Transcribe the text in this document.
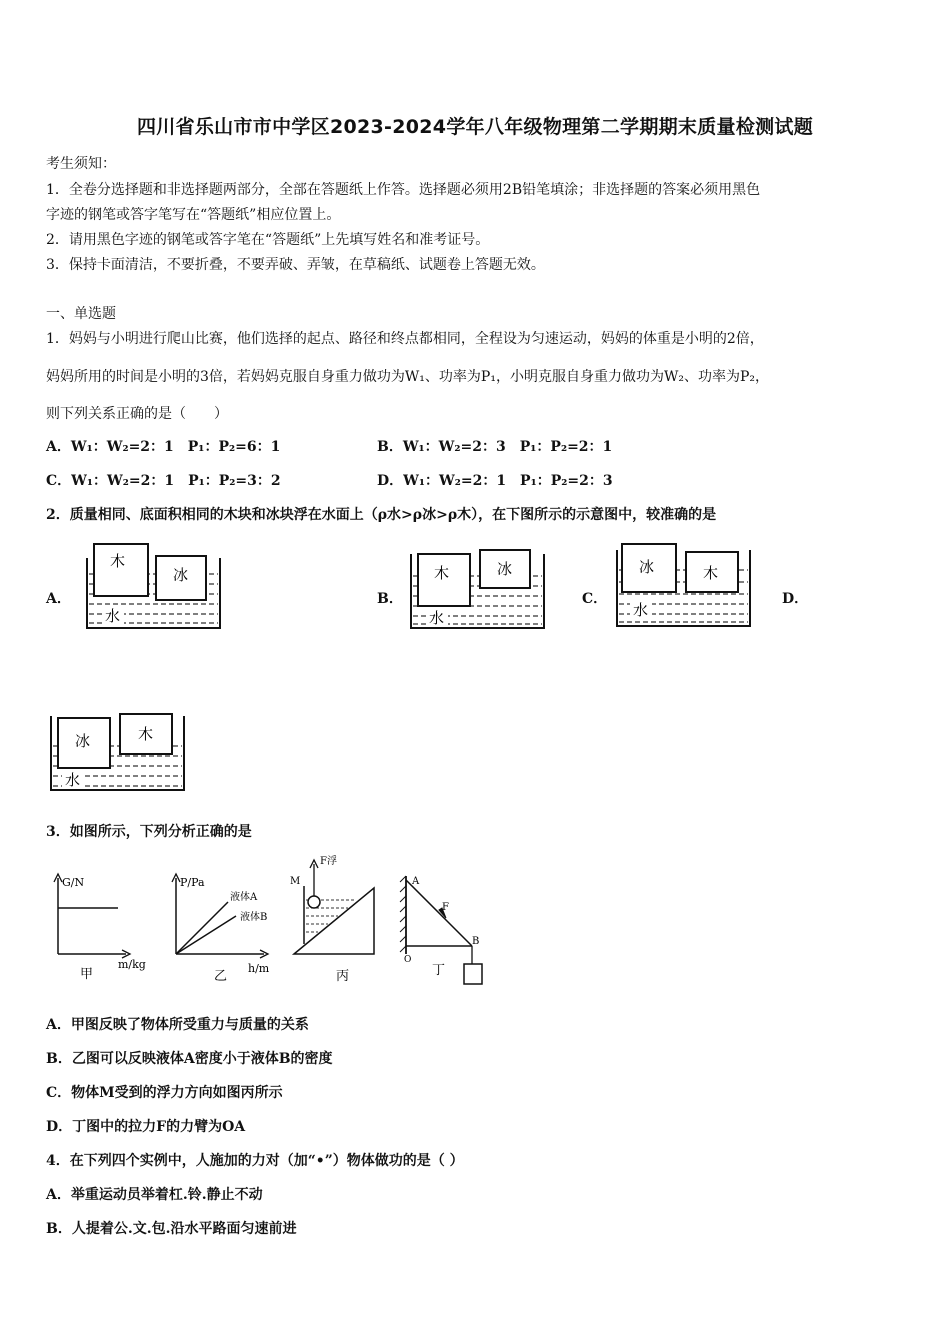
四川省乐山市市中学区2023-2024学年八年级物理第二学期期末质量检测试题
考生须知：
1．全卷分选择题和非选择题两部分，全部在答题纸上作答。选择题必须用2B铅笔填涂；非选择题的答案必须用黑色
字迹的钢笔或答字笔写在“答题纸”相应位置上。
2．请用黑色字迹的钢笔或答字笔在“答题纸”上先填写姓名和准考证号。
3．保持卡面清洁，不要折叠，不要弄破、弄皱，在草稿纸、试题卷上答题无效。
一、单选题
1．妈妈与小明进行爬山比赛，他们选择的起点、路径和终点都相同，全程设为匀速运动，妈妈的体重是小明的2倍，
妈妈所用的时间是小明的3倍，若妈妈克服自身重力做功为W₁、功率为P₁，小明克服自身重力做功为W₂、功率为P₂，
则下列关系正确的是（　　）
A．W₁：W₂=2：1　P₁：P₂=6：1	B．W₁：W₂=2：3　P₁：P₂=2：1
C．W₁：W₂=2：1　P₁：P₂=3：2	D．W₁：W₂=2：1　P₁：P₂=2：3
2．质量相同、底面积相同的木块和冰块浮在水面上（ρ水>ρ冰>ρ木），在下图所示的示意图中，较准确的是
A．	B．	C．	D．
木
冰
水
木	冰
水
冰	木
水
冰	木
水
3．如图所示，下列分析正确的是
G/N
m/kg
甲
P/Pa
液体A
液体B
h/m
乙
M
F浮
丙
A
F
B
O
丁
A．甲图反映了物体所受重力与质量的关系
B．乙图可以反映液体A密度小于液体B的密度
C．物体M受到的浮力方向如图丙所示
D．丁图中的拉力F的力臂为OA
4．在下列四个实例中，人施加的力对（加“•”）物体做功的是（ ）
A．举重运动员举着杠.铃.静止不动
B．人提着公.文.包.沿水平路面匀速前进
